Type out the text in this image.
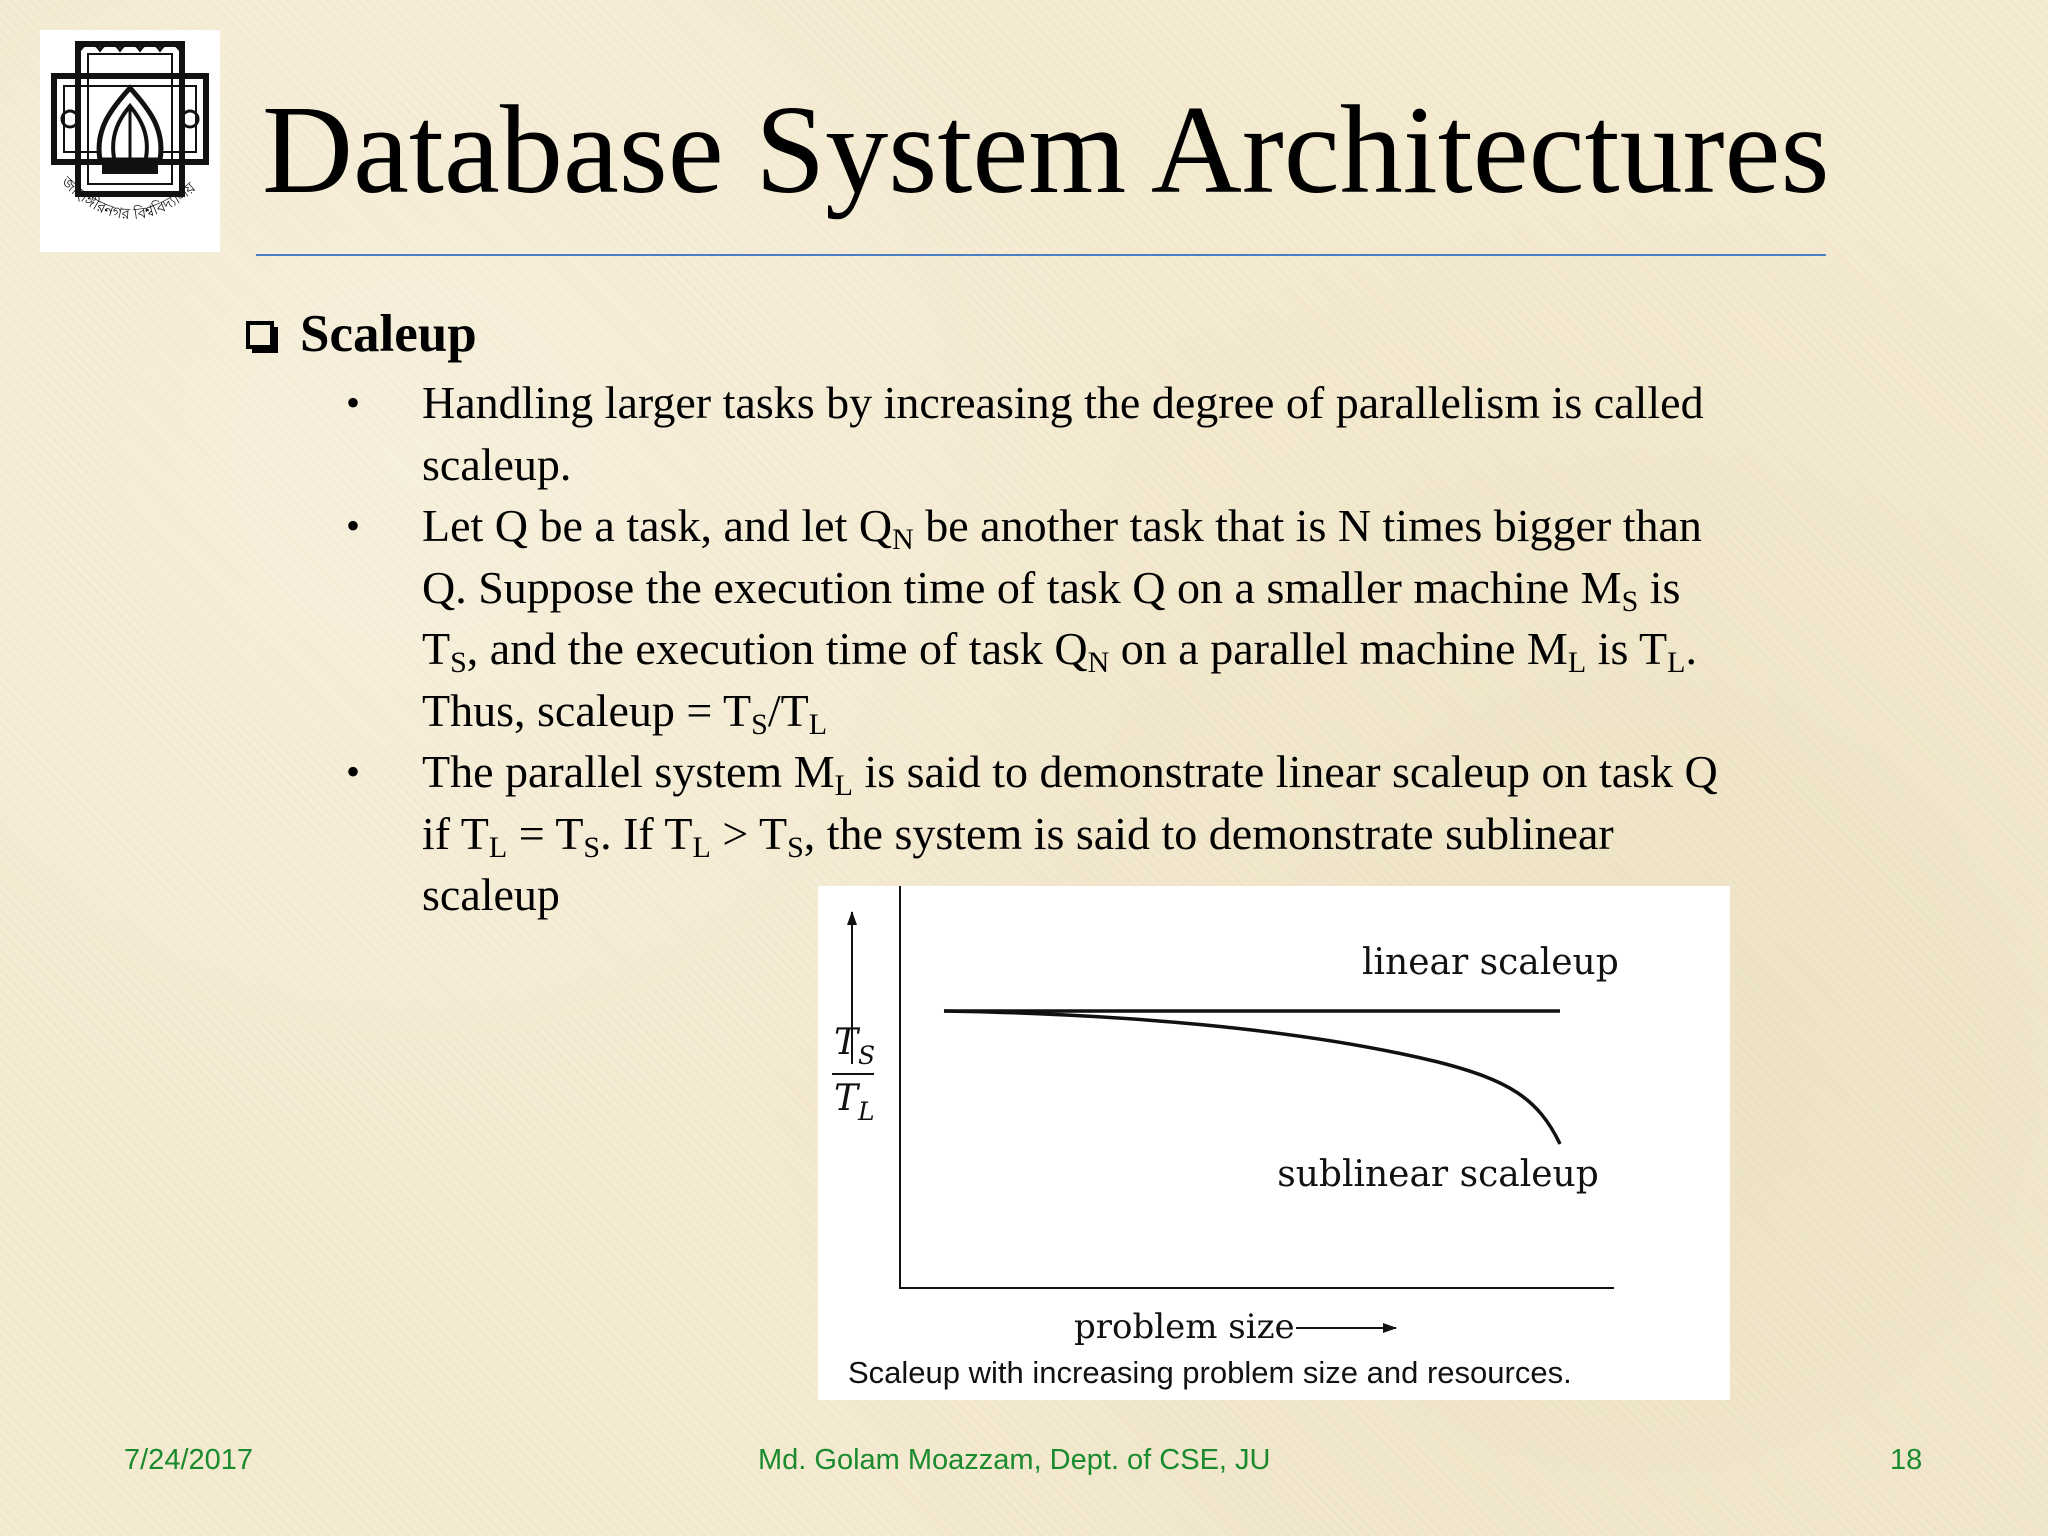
জাহাঙ্গীরনগর বিশ্ববিদ্যালয় Database System Architectures
Scaleup
• Handling larger tasks by increasing the degree of parallelism is called scaleup.
• Let Q be a task, and let $Q_N$ be another task that is N times bigger than Q. Suppose the execution time of task Q on a smaller machine $M_S$ is $T_S$, and the execution time of task $Q_N$ on a parallel machine $M_L$ is $T_L$. Thus, scaleup = $T_S/T_L$
• The parallel system $M_L$ is said to demonstrate linear scaleup on task Q if $T_L = T_S$. If $T_L > T_S$, the system is said to demonstrate sublinear scaleup
$T_S$
$T_L$
linear scaleup
sublinear scaleup
problem size
Scaleup with increasing problem size and resources.
7/24/2017	Md. Golam Moazzam, Dept. of CSE, JU	18
